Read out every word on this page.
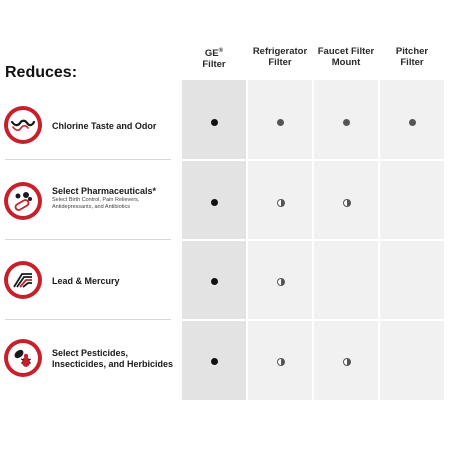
GE®
Filter
Refrigerator
Filter
Faucet Filter
Mount
Pitcher
Filter
Reduces:
Chlorine Taste and Odor
Select Pharmaceuticals*
Select Birth Control, Pain Relievers, Antidepressants, and Antibiotics
Lead & Mercury
Select Pesticides, Insecticides, and Herbicides
